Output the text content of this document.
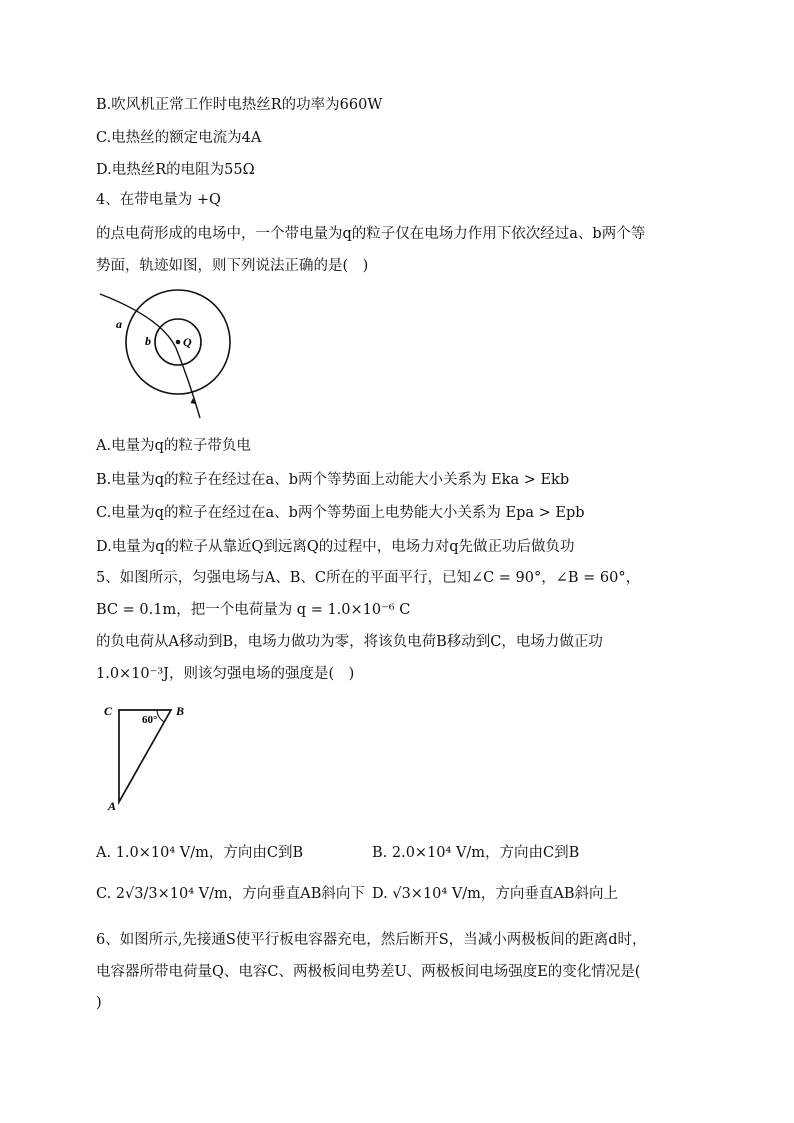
B.吹风机正常工作时电热丝R的功率为660W
C.电热丝的额定电流为4A
D.电热丝R的电阻为55Ω
4、在带电量为 +Q
的点电荷形成的电场中，一个带电量为q的粒子仅在电场力作用下依次经过a、b两个等
势面，轨迹如图，则下列说法正确的是(　)
a
b	Q
A.电量为q的粒子带负电
B.电量为q的粒子在经过在a、b两个等势面上动能大小关系为 Eka > Ekb
C.电量为q的粒子在经过在a、b两个等势面上电势能大小关系为 Epa > Epb
D.电量为q的粒子从靠近Q到远离Q的过程中，电场力对q先做正功后做负功
5、如图所示，匀强电场与A、B、C所在的平面平行，已知∠C = 90°，∠B = 60°，
BC = 0.1m，把一个电荷量为 q = 1.0×10⁻⁶ C
的负电荷从A移动到B，电场力做功为零，将该负电荷B移动到C，电场力做正功
1.0×10⁻³J，则该匀强电场的强度是(　)
C	B
A
60°
A. 1.0×10⁴ V/m，方向由C到B	B. 2.0×10⁴ V/m，方向由C到B
C. 2√3/3×10⁴ V/m，方向垂直AB斜向下 D. √3×10⁴ V/m，方向垂直AB斜向上
6、如图所示,先接通S使平行板电容器充电，然后断开S，当减小两极板间的距离d时，
电容器所带电荷量Q、电容C、两极板间电势差U、两极板间电场强度E的变化情况是(
)
